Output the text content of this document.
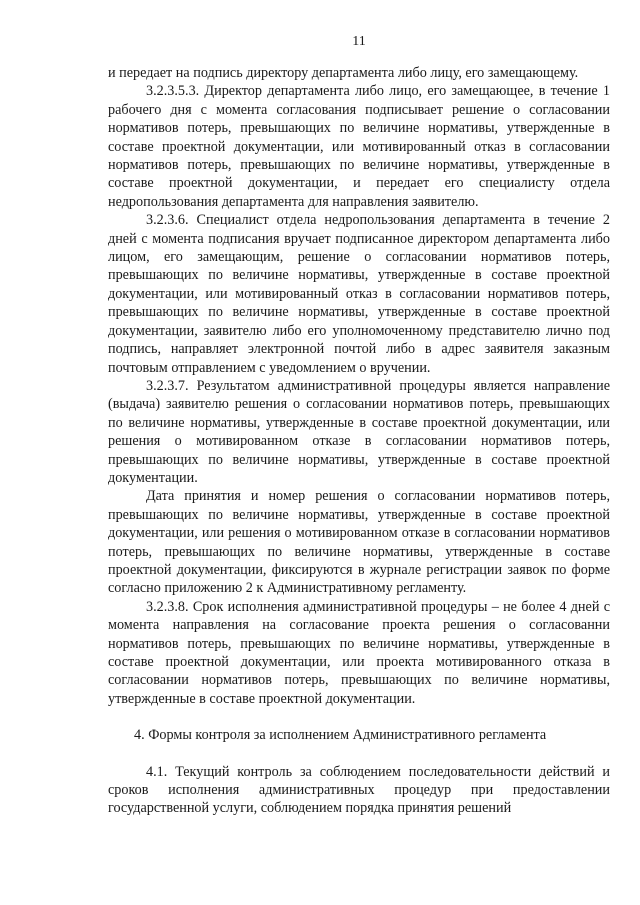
11

и передает на подпись директору департамента либо лицу, его замещающему.

3.2.3.5.3. Директор департамента либо лицо, его замещающее, в течение 1 рабочего дня с момента согласования подписывает решение о согласовании нормативов потерь, превышающих по величине нормативы, утвержденные в составе проектной документации, или мотивированный отказ в согласовании нормативов потерь, превышающих по величине нормативы, утвержденные в составе проектной документации, и передает его специалисту отдела недропользования департамента для направления заявителю.

3.2.3.6. Специалист отдела недропользования департамента в течение 2 дней с момента подписания вручает подписанное директором департамента либо лицом, его замещающим, решение о согласовании нормативов потерь, превышающих по величине нормативы, утвержденные в составе проектной документации, или мотивированный отказ в согласовании нормативов потерь, превышающих по величине нормативы, утвержденные в составе проектной документации, заявителю либо его уполномоченному представителю лично под подпись, направляет электронной почтой либо в адрес заявителя заказным почтовым отправлением с уведомлением о вручении.

3.2.3.7. Результатом административной процедуры является направление (выдача) заявителю решения о согласовании нормативов потерь, превышающих по величине нормативы, утвержденные в составе проектной документации, или решения о мотивированном отказе в согласовании нормативов потерь, превышающих по величине нормативы, утвержденные в составе проектной документации.

Дата принятия и номер решения о согласовании нормативов потерь, превышающих по величине нормативы, утвержденные в составе проектной документации, или решения о мотивированном отказе в согласовании нормативов потерь, превышающих по величине нормативы, утвержденные в составе проектной документации, фиксируются в журнале регистрации заявок по форме согласно приложению 2 к Административному регламенту.

3.2.3.8. Срок исполнения административной процедуры – не более 4 дней с момента направления на согласование проекта решения о согласованни нормативов потерь, превышающих по величине нормативы, утвержденные в составе проектной документации, или проекта мотивированного отказа в согласовании нормативов потерь, превышающих по величине нормативы, утвержденные в составе проектной документации.

4. Формы контроля за исполнением Административного регламента

4.1. Текущий контроль за соблюдением последовательности действий и сроков исполнения административных процедур при предоставлении государственной услуги, соблюдением порядка принятия решений
